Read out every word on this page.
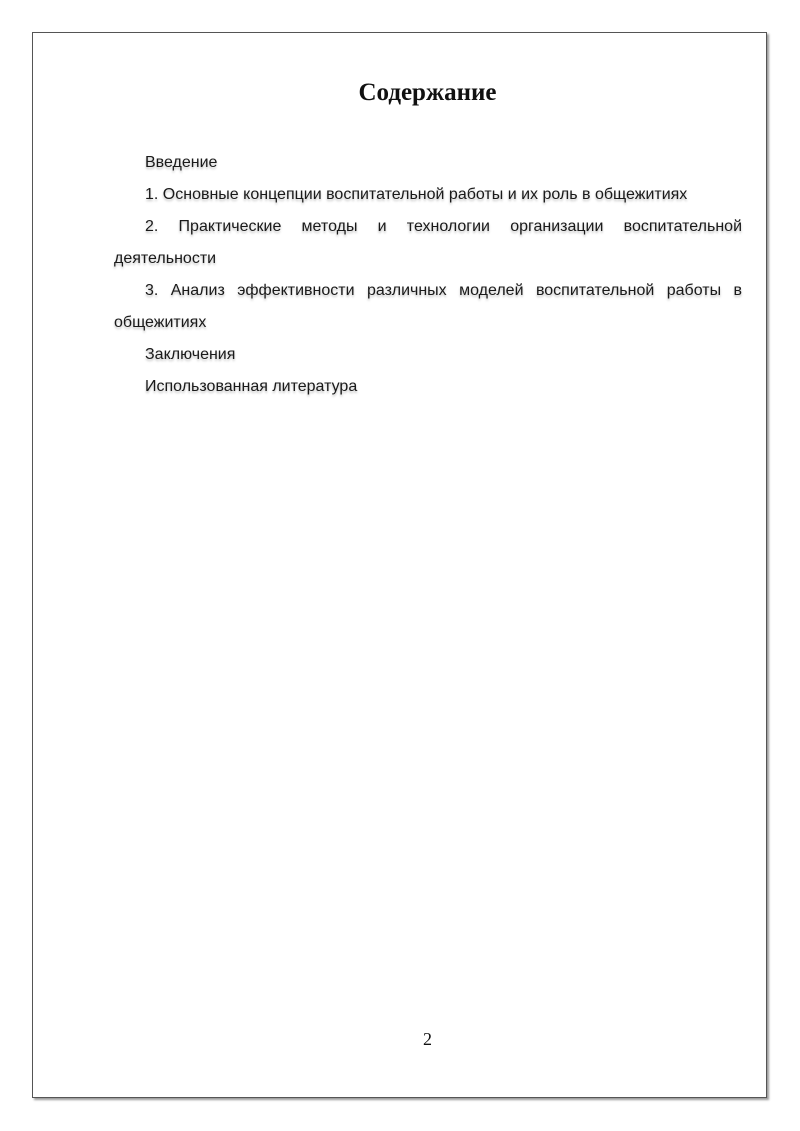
Содержание

Введение

1. Основные концепции воспитательной работы и их роль в общежитиях

2. Практические методы и технологии организации воспитательной деятельности

3. Анализ эффективности различных моделей воспитательной работы в общежитиях

Заключения

Использованная литература

2
